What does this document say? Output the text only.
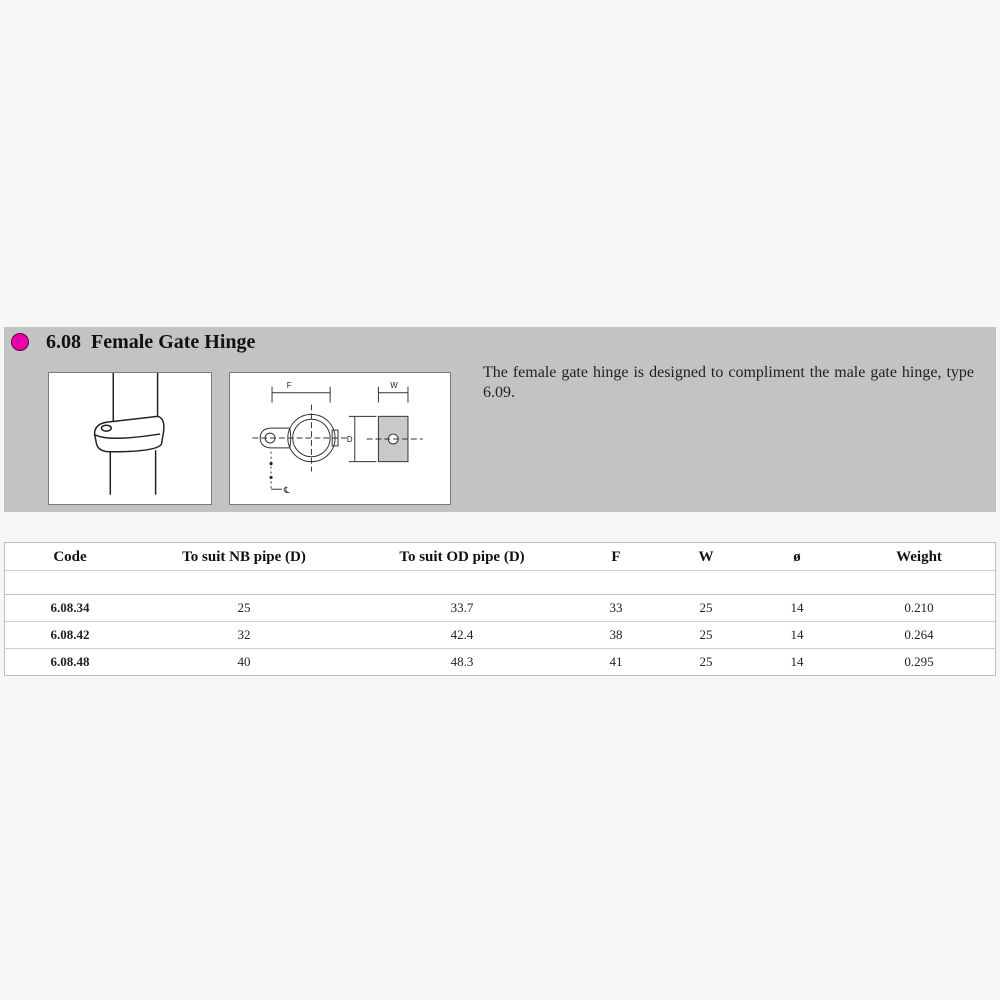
6.08 Female Gate Hinge
F	W
D
℄
The female gate hinge is designed to compliment the male gate hinge, type 6.09.
Code	To suit NB pipe (D)	To suit OD pipe (D)	F	W	ø	Weight
6.08.34	25	33.7	33	25	14	0.210
6.08.42	32	42.4	38	25	14	0.264
6.08.48	40	48.3	41	25	14	0.295
